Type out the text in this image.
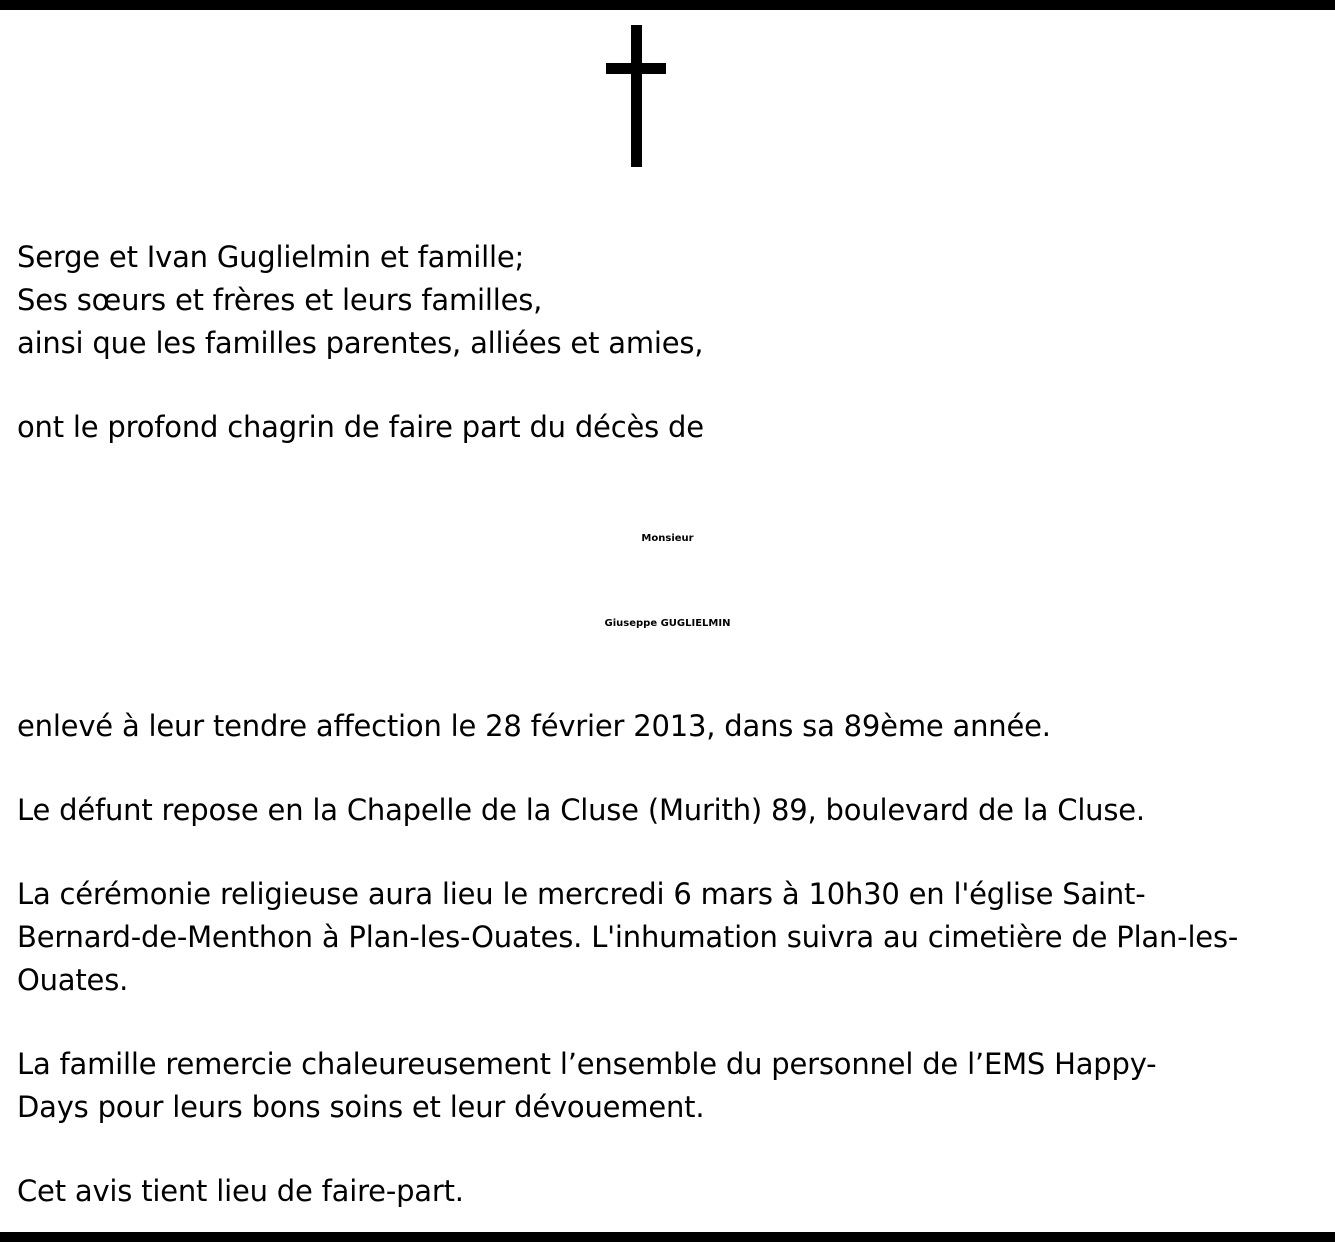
Serge et Ivan Guglielmin et famille;
Ses sœurs et frères et leurs familles,
ainsi que les familles parentes, alliées et amies,
ont le profond chagrin de faire part du décès de
Monsieur
Giuseppe GUGLIELMIN
enlevé à leur tendre affection le 28 février 2013, dans sa 89ème année.
Le défunt repose en la Chapelle de la Cluse (Murith) 89, boulevard de la Cluse.
La cérémonie religieuse aura lieu le mercredi 6 mars à 10h30 en l'église Saint-
Bernard-de-Menthon à Plan-les-Ouates. L'inhumation suivra au cimetière de Plan-les-
Ouates.
La famille remercie chaleureusement l’ensemble du personnel de l’EMS Happy-
Days pour leurs bons soins et leur dévouement.
Cet avis tient lieu de faire-part.
